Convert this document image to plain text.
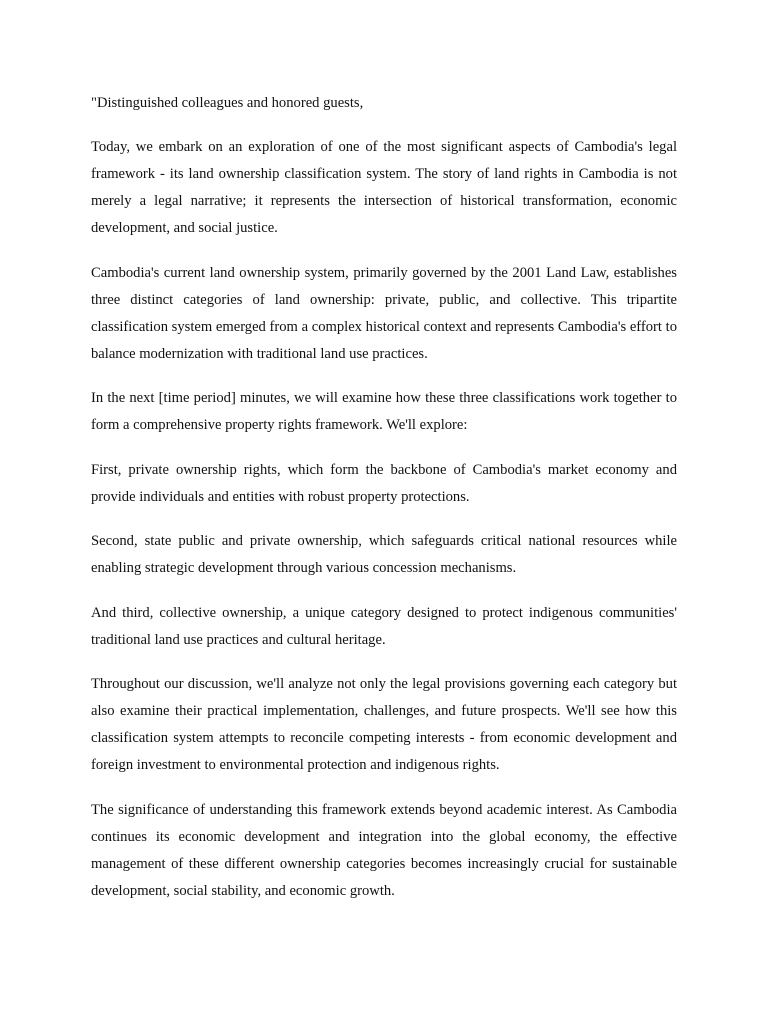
"Distinguished colleagues and honored guests,

Today, we embark on an exploration of one of the most significant aspects of Cambodia's legal framework - its land ownership classification system. The story of land rights in Cambodia is not merely a legal narrative; it represents the intersection of historical transformation, economic development, and social justice.

Cambodia's current land ownership system, primarily governed by the 2001 Land Law, establishes three distinct categories of land ownership: private, public, and collective. This tripartite classification system emerged from a complex historical context and represents Cambodia's effort to balance modernization with traditional land use practices.

In the next [time period] minutes, we will examine how these three classifications work together to form a comprehensive property rights framework. We'll explore:

First, private ownership rights, which form the backbone of Cambodia's market economy and provide individuals and entities with robust property protections.

Second, state public and private ownership, which safeguards critical national resources while enabling strategic development through various concession mechanisms.

And third, collective ownership, a unique category designed to protect indigenous communities' traditional land use practices and cultural heritage.

Throughout our discussion, we'll analyze not only the legal provisions governing each category but also examine their practical implementation, challenges, and future prospects. We'll see how this classification system attempts to reconcile competing interests - from economic development and foreign investment to environmental protection and indigenous rights.

The significance of understanding this framework extends beyond academic interest. As Cambodia continues its economic development and integration into the global economy, the effective management of these different ownership categories becomes increasingly crucial for sustainable development, social stability, and economic growth.
